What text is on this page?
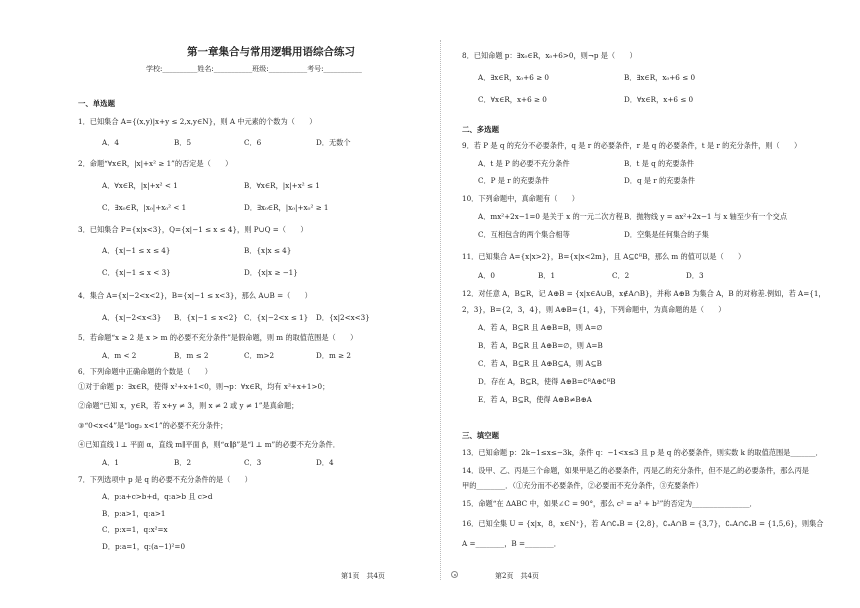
第一章集合与常用逻辑用语综合练习
学校:__________姓名:___________班级:___________考号:___________
一、单选题
1．已知集合 A={(x,y)|x+y ≤ 2,x,y∈N}，则 A 中元素的个数为（　　）
A．4	B．5	C．6	D．无数个
2．命题“∀x∈R，|x|+x² ≥ 1”的否定是（　　）
A．∀x∈R，|x|+x² < 1	B．∀x∈R，|x|+x² ≤ 1
C．∃x₀∈R，|x₀|+x₀² < 1	D．∃x₀∈R，|x₀|+x₀² ≥ 1
3．已知集合 P={x|x<3}，Q={x|−1 ≤ x ≤ 4}，则 P∪Q =（　　）
A．{x|−1 ≤ x ≤ 4}	B．{x|x ≤ 4}
C．{x|−1 ≤ x < 3}	D．{x|x ≥ −1}
4．集合 A={x|−2<x<2}，B={x|−1 ≤ x<3}，那么 A∪B =（　　）
A．{x|−2<x<3} B．{x|−1 ≤ x<2} C．{x|−2<x ≤ 1} D．{x|2<x<3}
5．若命题“x ≥ 2 是 x > m 的必要不充分条件”是假命题，则 m 的取值范围是（　　）
A．m < 2	B．m ≤ 2	C．m>2	D．m ≥ 2
6．下列命题中正确命题的个数是（　　）
①对于命题 p：∃x∈R，使得 x²+x+1<0，则¬p：∀x∈R，均有 x²+x+1>0；
②命题“已知 x，y∈R，若 x+y ≠ 3，则 x ≠ 2 或 y ≠ 1”是真命题；
③“0<x<4”是“log₂ x<1”的必要不充分条件；
④已知直线 l ⊥ 平面 α，直线 m∥平面 β，则“α∥β”是“l ⊥ m”的必要不充分条件．
A．1	B．2	C．3	D．4
7．下列选项中 p 是 q 的必要不充分条件的是（　　）
A．p:a+c>b+d，q:a>b 且 c>d
B．p:a>1，q:a>1
C．p:x=1，q:x²=x
D．p:a=1，q:(a−1)²=0
二、多选题
三、填空题
8．已知命题 p：∃x₀∈R，x₀+6>0，则¬p 是（　　）
A．∃x∈R，x₀+6 ≥ 0	B．∃x∈R，x₀+6 ≤ 0
C．∀x∈R，x+6 ≥ 0	D．∀x∈R，x+6 ≤ 0
9．若 P 是 q 的充分不必要条件，q 是 r 的必要条件，r 是 q 的必要条件，t 是 r 的充分条件，则（　　）
A．t 是 P 的必要不充分条件	B．t 是 q 的充要条件
C．P 是 r 的充要条件	D．q 是 r 的充要条件
10．下列命题中，真命题有（　　）
A．mx²+2x−1=0 是关于 x 的一元二次方程 B．抛物线 y = ax²+2x−1 与 x 轴至少有一个交点
C．互相包含的两个集合相等	D．空集是任何集合的子集
11．已知集合 A={x|x>2}，B={x|x<2m}，且 A⊆∁ᴿB，那么 m 的值可以是（　　）
A．0	B．1	C．2	D．3
12．对任意 A，B⊆R，记 A⊕B = {x|x∈A∪B，x∉A∩B}，并称 A⊕B 为集合 A，B 的对称差.例如，若 A={1，
2，3}，B={2，3，4}，则 A⊕B={1，4}，下列命题中，为真命题的是（　　）
A．若 A，B⊆R 且 A⊕B=B，则 A=∅
B．若 A，B⊆R 且 A⊕B=∅，则 A=B
C．若 A，B⊆R 且 A⊕B⊆A，则 A⊆B
D．存在 A，B⊆R，使得 A⊕B=∁ᴿA⊕∁ᴿB
E．若 A，B⊆R，使得 A⊕B≠B⊕A
13．已知命题 p：2k−1≤x≤−3k，条件 q：−1<x≤3 且 p 是 q 的必要条件，则实数 k 的取值范围是_______．
14．设甲、乙、丙是三个命题，如果甲是乙的必要条件，丙是乙的充分条件，但不是乙的必要条件，那么丙是
甲的________．（①充分而不必要条件，②必要而不充分条件，③充要条件）
15．命题“在 ΔABC 中，如果∠C = 90°，那么 c² = a² + b²”的否定为________________．
16．已知全集 U = {x|x，8，x∈N⁺}，若 A∩∁ᵤB = {2,8}，∁ᵤA∩B = {3,7}，∁ᵤA∩∁ᵤB = {1,5,6}，则集合
A =________，B =________．
第1页　共4页	第2页　共4页
